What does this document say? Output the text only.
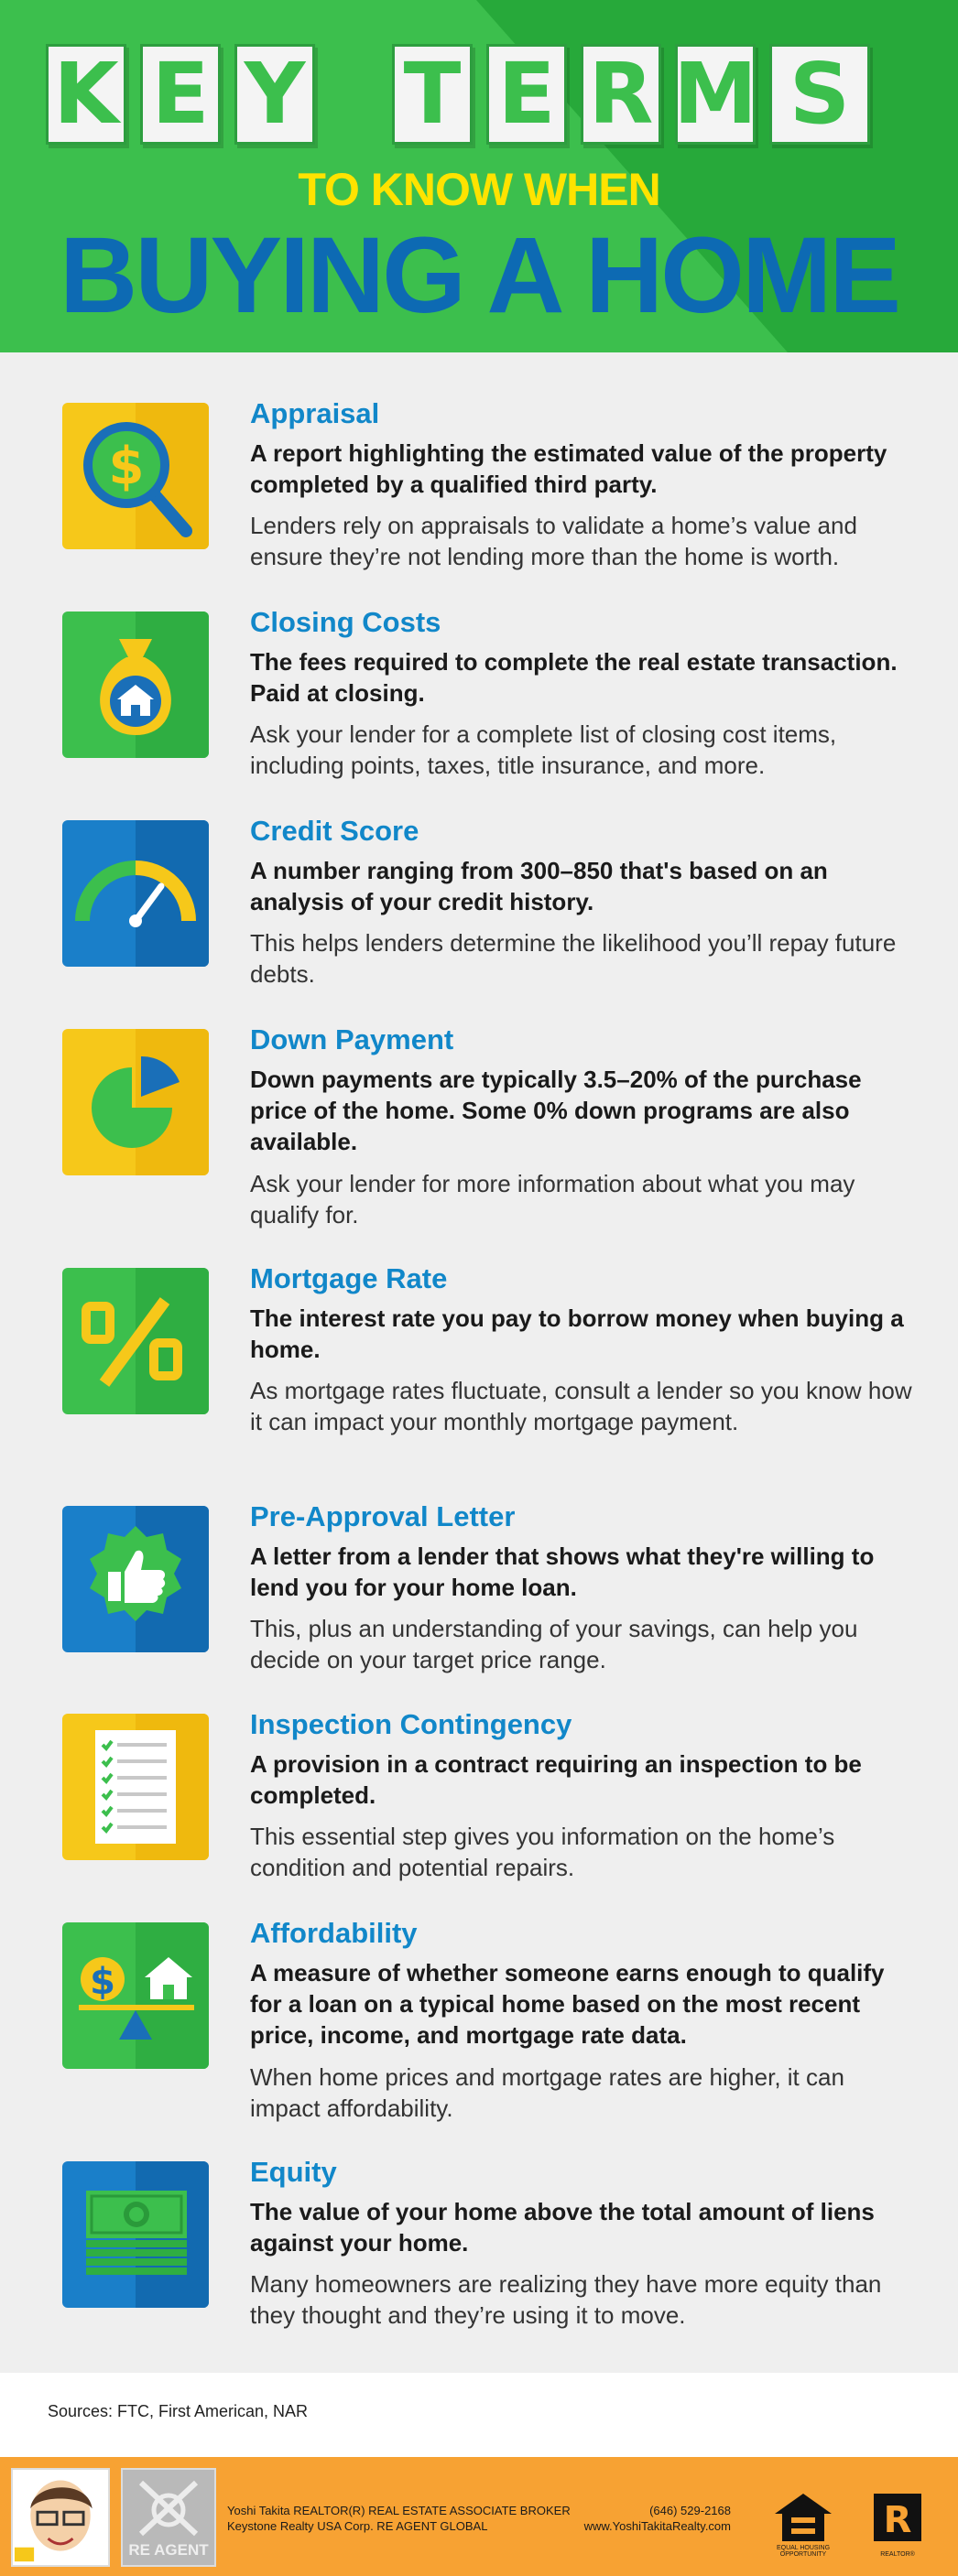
K E Y T E R M S
TO KNOW WHEN
BUYING A HOME
$
Appraisal
A report highlighting the estimated value of the property completed by a qualified third party.
Lenders rely on appraisals to validate a home’s value and ensure they’re not lending more than the home is worth.
Closing Costs
The fees required to complete the real estate transaction. Paid at closing.
Ask your lender for a complete list of closing cost items, including points, taxes, title insurance, and more.
Credit Score
A number ranging from 300–850 that's based on an analysis of your credit history.
This helps lenders determine the likelihood you’ll repay future debts.
Down Payment
Down payments are typically 3.5–20% of the purchase price of the home. Some 0% down programs are also available.
Ask your lender for more information about what you may qualify for.
Mortgage Rate
The interest rate you pay to borrow money when buying a home.
As mortgage rates fluctuate, consult a lender so you know how it can impact your monthly mortgage payment.
Pre-Approval Letter
A letter from a lender that shows what they're willing to lend you for your home loan.
This, plus an understanding of your savings, can help you decide on your target price range.
Inspection Contingency
A provision in a contract requiring an inspection to be completed.
This essential step gives you information on the home’s condition and potential repairs.
$
Affordability
A measure of whether someone earns enough to qualify for a loan on a typical home based on the most recent price, income, and mortgage rate data.
When home prices and mortgage rates are higher, it can impact affordability.
Equity
The value of your home above the total amount of liens against your home.
Many homeowners are realizing they have more equity than they thought and they’re using it to move.
Sources: FTC, First American, NAR
RE AGENT
Yoshi Takita REALTOR(R) REAL ESTATE ASSOCIATE BROKER
Keystone Realty USA Corp. RE AGENT GLOBAL
(646) 529-2168
www.YoshiTakitaRealty.com
EQUAL HOUSING OPPORTUNITY
R
REALTOR®
